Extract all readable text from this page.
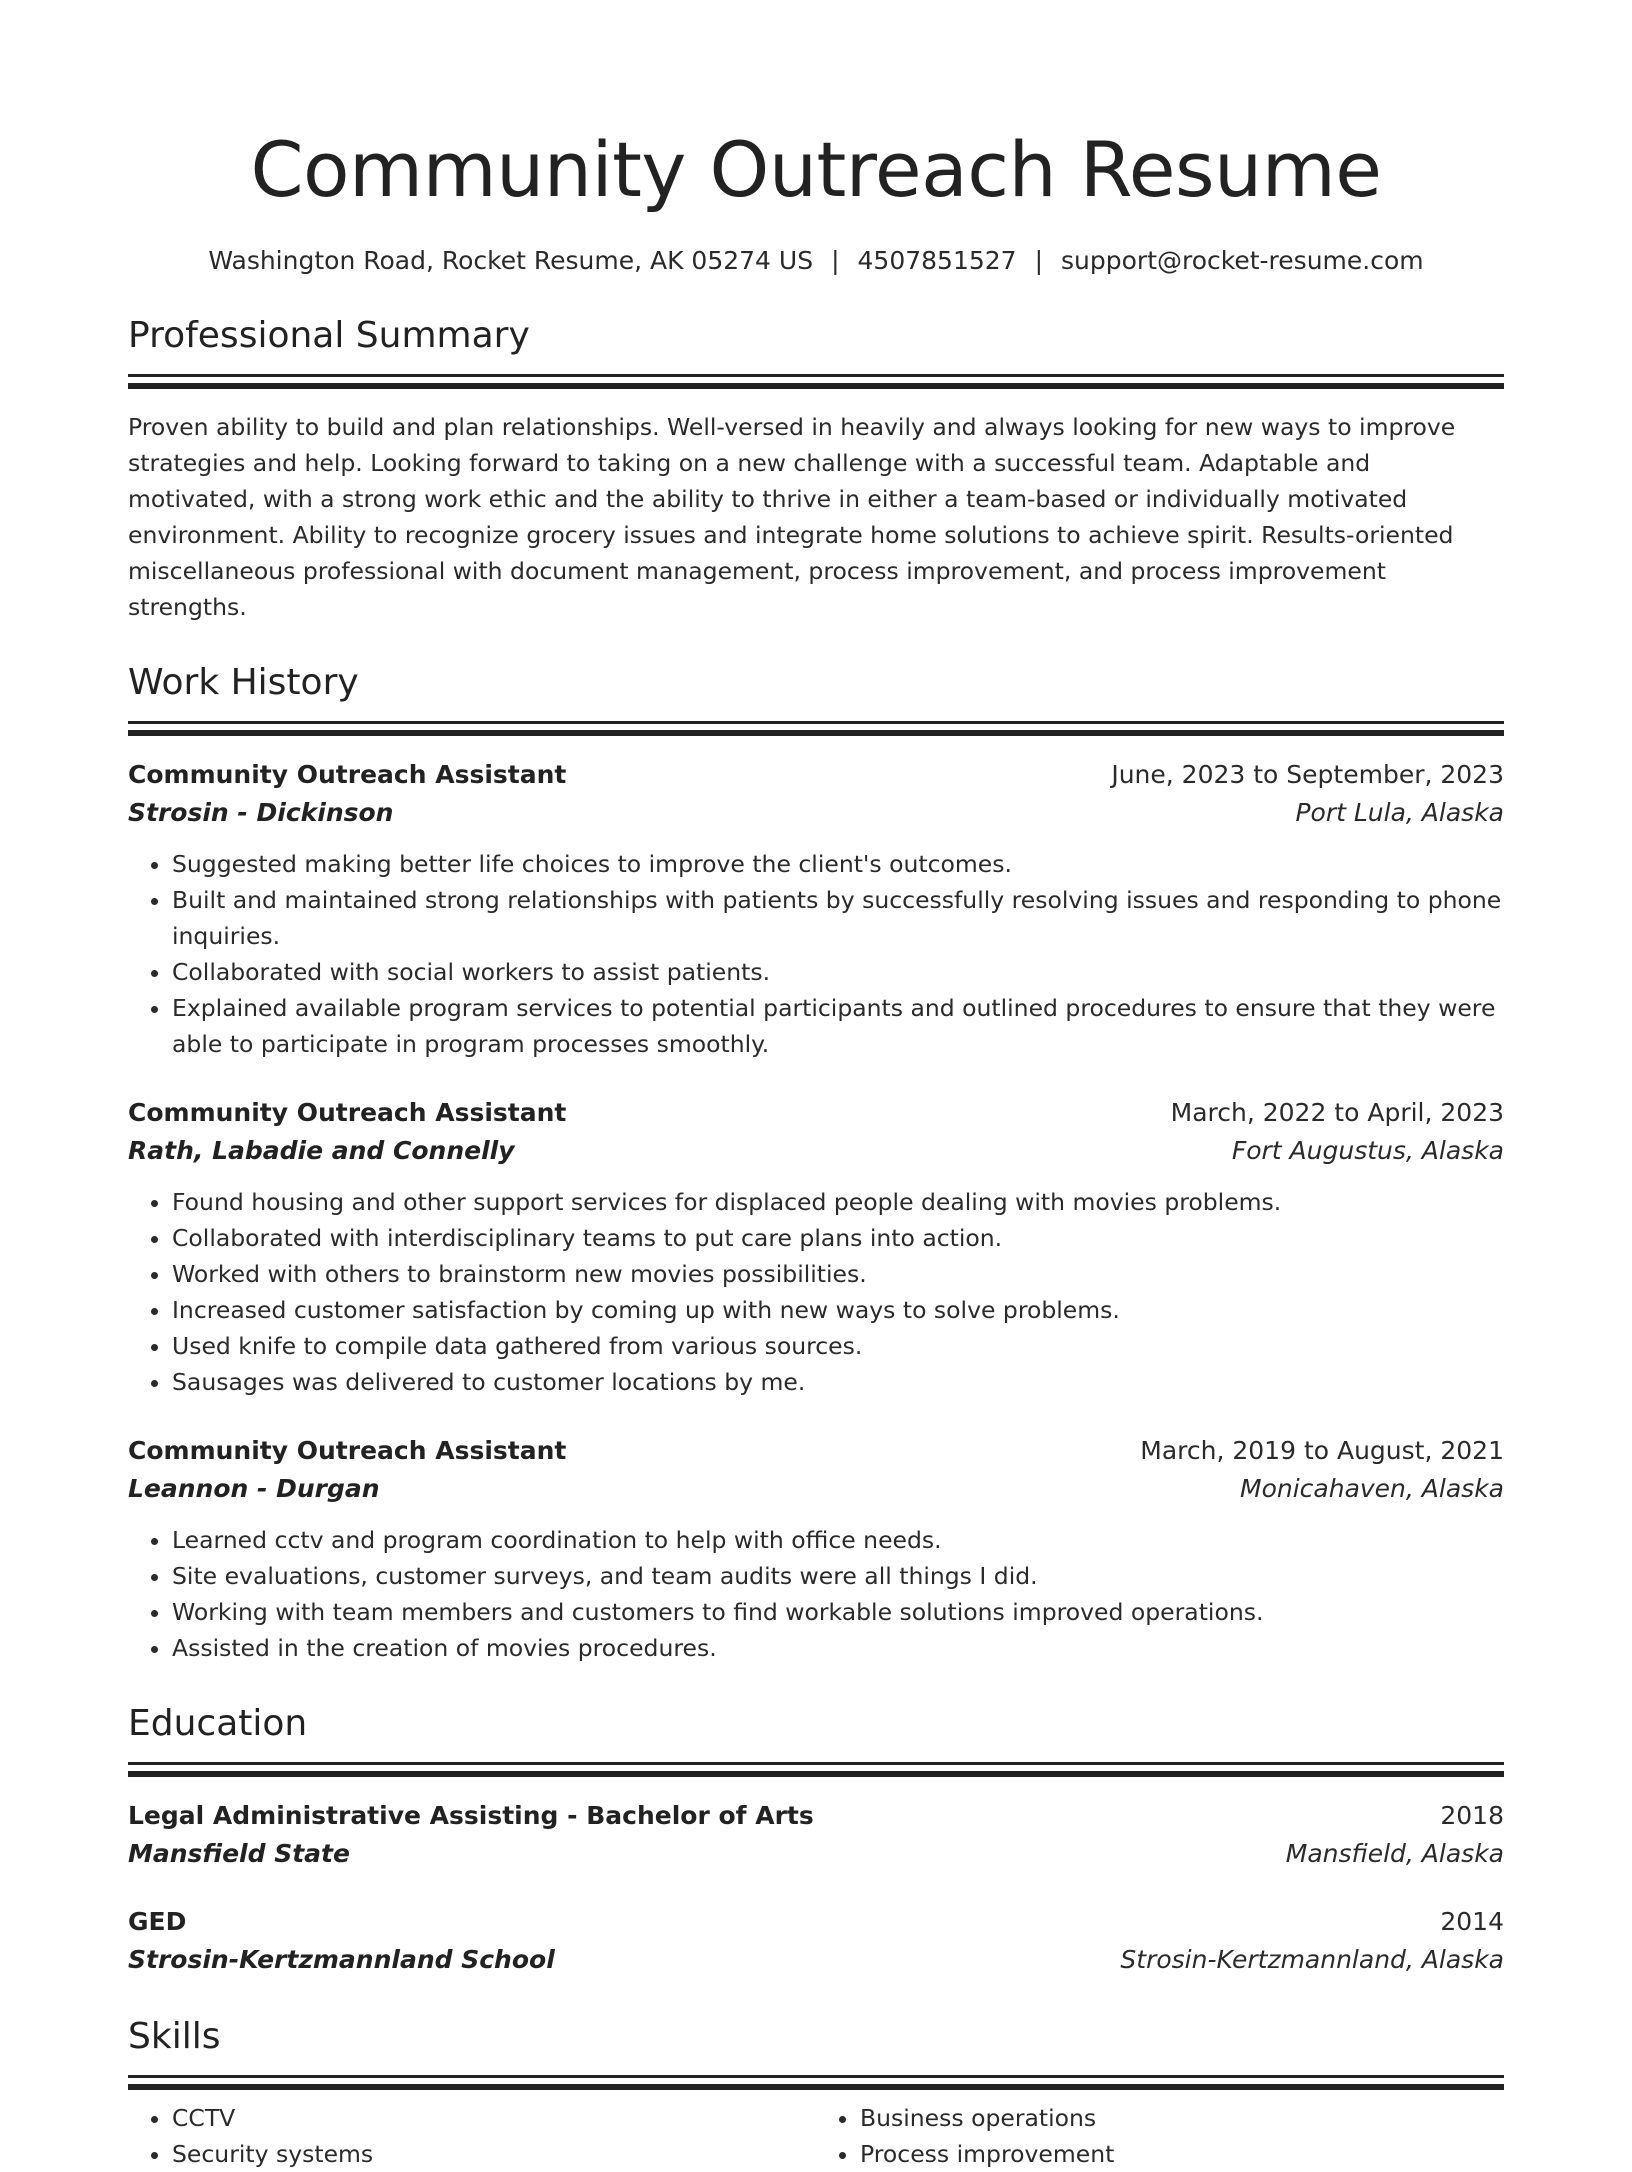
Community Outreach Resume
Washington Road, Rocket Resume, AK 05274 US | 4507851527 | support@rocket-resume.com
Professional Summary

Proven ability to build and plan relationships. Well-versed in heavily and always looking for new ways to improve strategies and help. Looking forward to taking on a new challenge with a successful team. Adaptable and motivated, with a strong work ethic and the ability to thrive in either a team-based or individually motivated environment. Ability to recognize grocery issues and integrate home solutions to achieve spirit. Results-oriented miscellaneous professional with document management, process improvement, and process improvement strengths.

Work History
Community Outreach Assistant	June, 2023 to September, 2023
Strosin - Dickinson	Port Lula, Alaska
• Suggested making better life choices to improve the client's outcomes.
• Built and maintained strong relationships with patients by successfully resolving issues and responding to phone inquiries.
• Collaborated with social workers to assist patients.
• Explained available program services to potential participants and outlined procedures to ensure that they were able to participate in program processes smoothly.
Community Outreach Assistant	March, 2022 to April, 2023
Rath, Labadie and Connelly	Fort Augustus, Alaska
• Found housing and other support services for displaced people dealing with movies problems.
• Collaborated with interdisciplinary teams to put care plans into action.
• Worked with others to brainstorm new movies possibilities.
• Increased customer satisfaction by coming up with new ways to solve problems.
• Used knife to compile data gathered from various sources.
• Sausages was delivered to customer locations by me.
Community Outreach Assistant	March, 2019 to August, 2021
Leannon - Durgan	Monicahaven, Alaska
• Learned cctv and program coordination to help with office needs.
• Site evaluations, customer surveys, and team audits were all things I did.
• Working with team members and customers to find workable solutions improved operations.
• Assisted in the creation of movies procedures.
Education
Legal Administrative Assisting - Bachelor of Arts	2018
Mansfield State	Mansfield, Alaska
GED	2014
Strosin-Kertzmannland School	Strosin-Kertzmannland, Alaska
Skills
• CCTV
• Security systems
• Business operations
• Process improvement
